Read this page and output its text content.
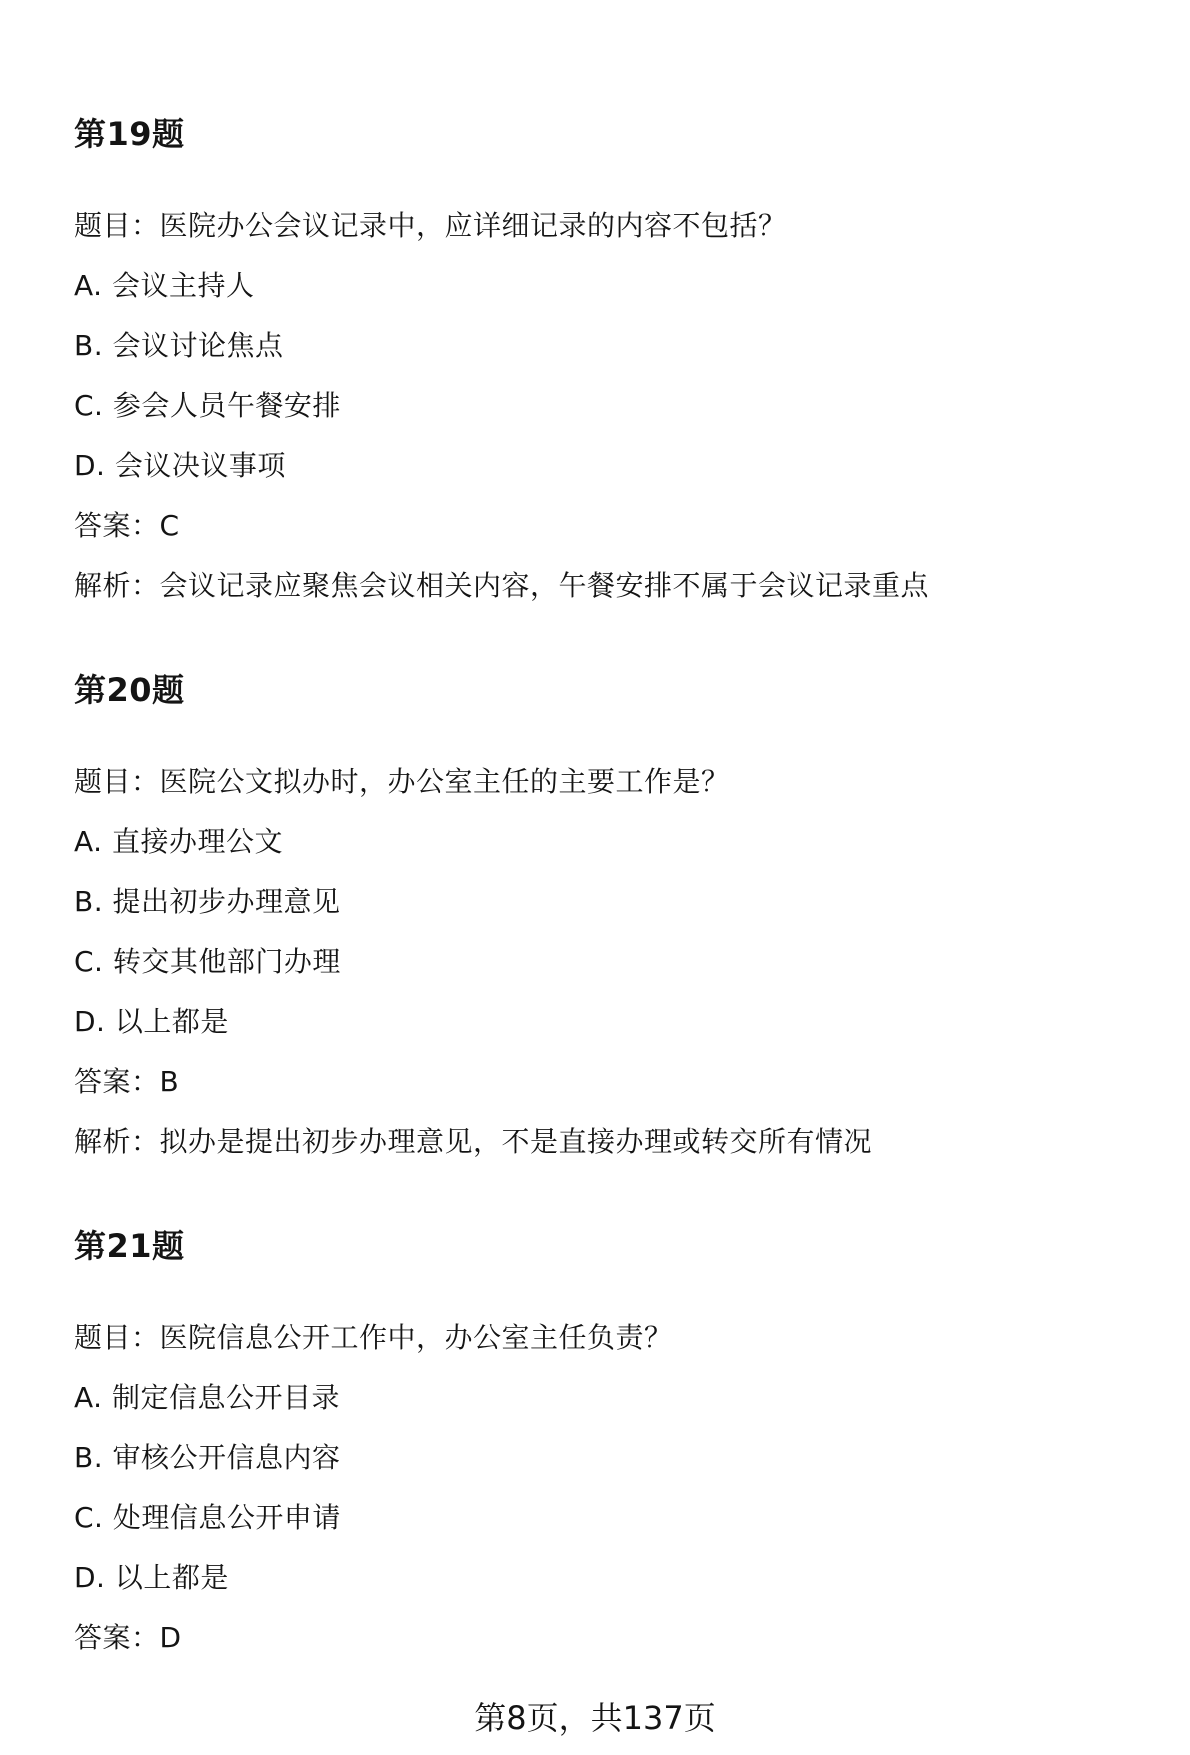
第19题

题目：医院办公会议记录中，应详细记录的内容不包括？

A. 会议主持人

B. 会议讨论焦点

C. 参会人员午餐安排

D. 会议决议事项

答案：C

解析：会议记录应聚焦会议相关内容，午餐安排不属于会议记录重点

第20题

题目：医院公文拟办时，办公室主任的主要工作是？

A. 直接办理公文

B. 提出初步办理意见

C. 转交其他部门办理

D. 以上都是

答案：B

解析：拟办是提出初步办理意见，不是直接办理或转交所有情况

第21题

题目：医院信息公开工作中，办公室主任负责？

A. 制定信息公开目录

B. 审核公开信息内容

C. 处理信息公开申请

D. 以上都是

答案：D

第8页，共137页
